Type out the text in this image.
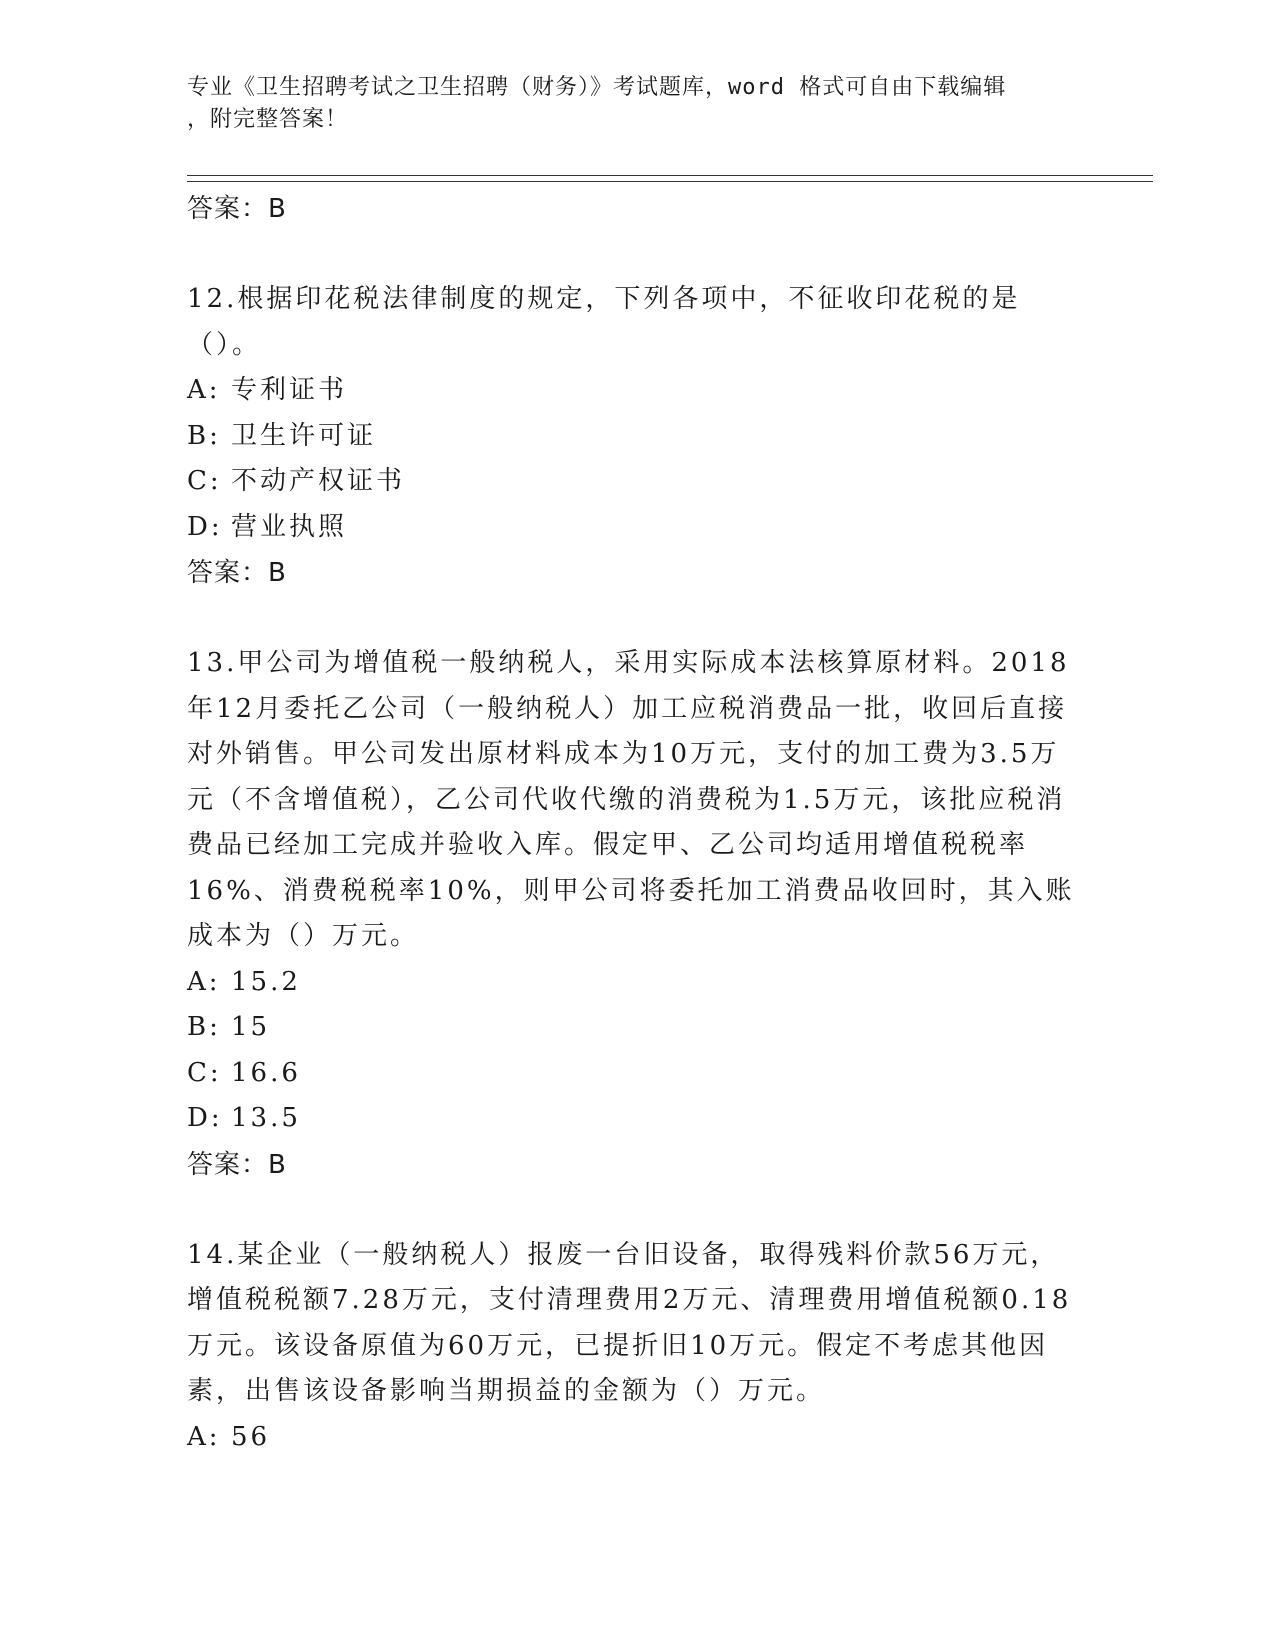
专业《卫生招聘考试之卫生招聘（财务）》考试题库，word 格式可自由下载编辑
，附完整答案！

答案：B

12.根据印花税法律制度的规定，下列各项中，不征收印花税的是（）。

A: 专利证书

B: 卫生许可证

C: 不动产权证书

D: 营业执照

答案：B

13.甲公司为增值税一般纳税人，采用实际成本法核算原材料。2018年12月委托乙公司（一般纳税人）加工应税消费品一批，收回后直接对外销售。甲公司发出原材料成本为10万元，支付的加工费为3.5万元（不含增值税），乙公司代收代缴的消费税为1.5万元，该批应税消费品已经加工完成并验收入库。假定甲、乙公司均适用增值税税率16%、消费税税率10%，则甲公司将委托加工消费品收回时，其入账成本为（）万元。

A: 15.2

B: 15

C: 16.6

D: 13.5

答案：B

14.某企业（一般纳税人）报废一台旧设备，取得残料价款56万元，增值税税额7.28万元，支付清理费用2万元、清理费用增值税额0.18万元。该设备原值为60万元，已提折旧10万元。假定不考虑其他因素，出售该设备影响当期损益的金额为（）万元。

A: 56
